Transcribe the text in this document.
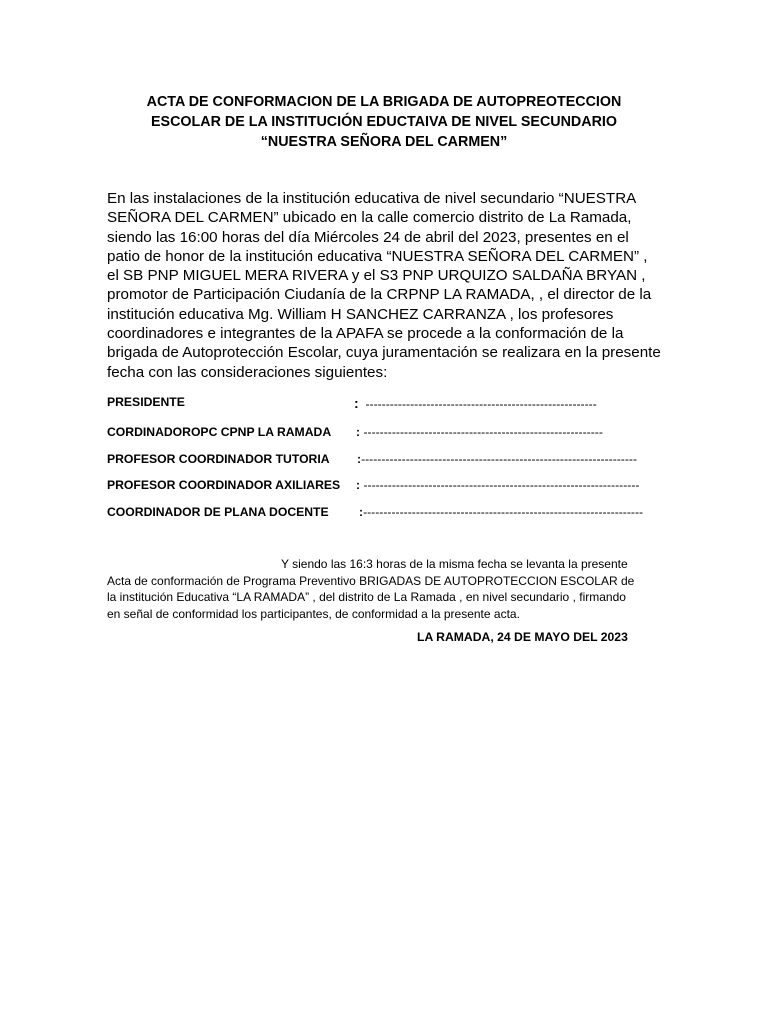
ACTA DE CONFORMACION DE LA BRIGADA DE AUTOPREOTECCION
ESCOLAR DE LA INSTITUCIÓN EDUCTAIVA DE NIVEL SECUNDARIO
“NUESTRA SEÑORA DEL CARMEN”
En las instalaciones de la institución educativa de nivel secundario “NUESTRA
SEÑORA DEL CARMEN” ubicado en la calle comercio distrito de La Ramada,
siendo las 16:00 horas del día Miércoles 24 de abril del 2023, presentes en el
patio de honor de la institución educativa “NUESTRA SEÑORA DEL CARMEN” ,
el SB PNP MIGUEL MERA RIVERA y el S3 PNP URQUIZO SALDAÑA BRYAN ,
promotor de Participación Ciudanía de la CRPNP LA RAMADA, , el director de la
institución educativa Mg. William H SANCHEZ CARRANZA , los profesores
coordinadores e integrantes de la APAFA se procede a la conformación de la
brigada de Autoprotección Escolar, cuya juramentación se realizara en la presente
fecha con las consideraciones siguientes:
PRESIDENTE	: ---------------------------------------------------------
CORDINADOROPC CPNP LA RAMADA : -----------------------------------------------------------
PROFESOR COORDINADOR TUTORIA :--------------------------------------------------------------------
PROFESOR COORDINADOR AXILIARES : --------------------------------------------------------------------
COORDINADOR DE PLANA DOCENTE :---------------------------------------------------------------------
Y siendo las 16:3 horas de la misma fecha se levanta la presente
Acta de conformación de Programa Preventivo BRIGADAS DE AUTOPROTECCION ESCOLAR de
la institución Educativa “LA RAMADA” , del distrito de La Ramada , en nivel secundario , firmando
en señal de conformidad los participantes, de conformidad a la presente acta.
LA RAMADA, 24 DE MAYO DEL 2023
